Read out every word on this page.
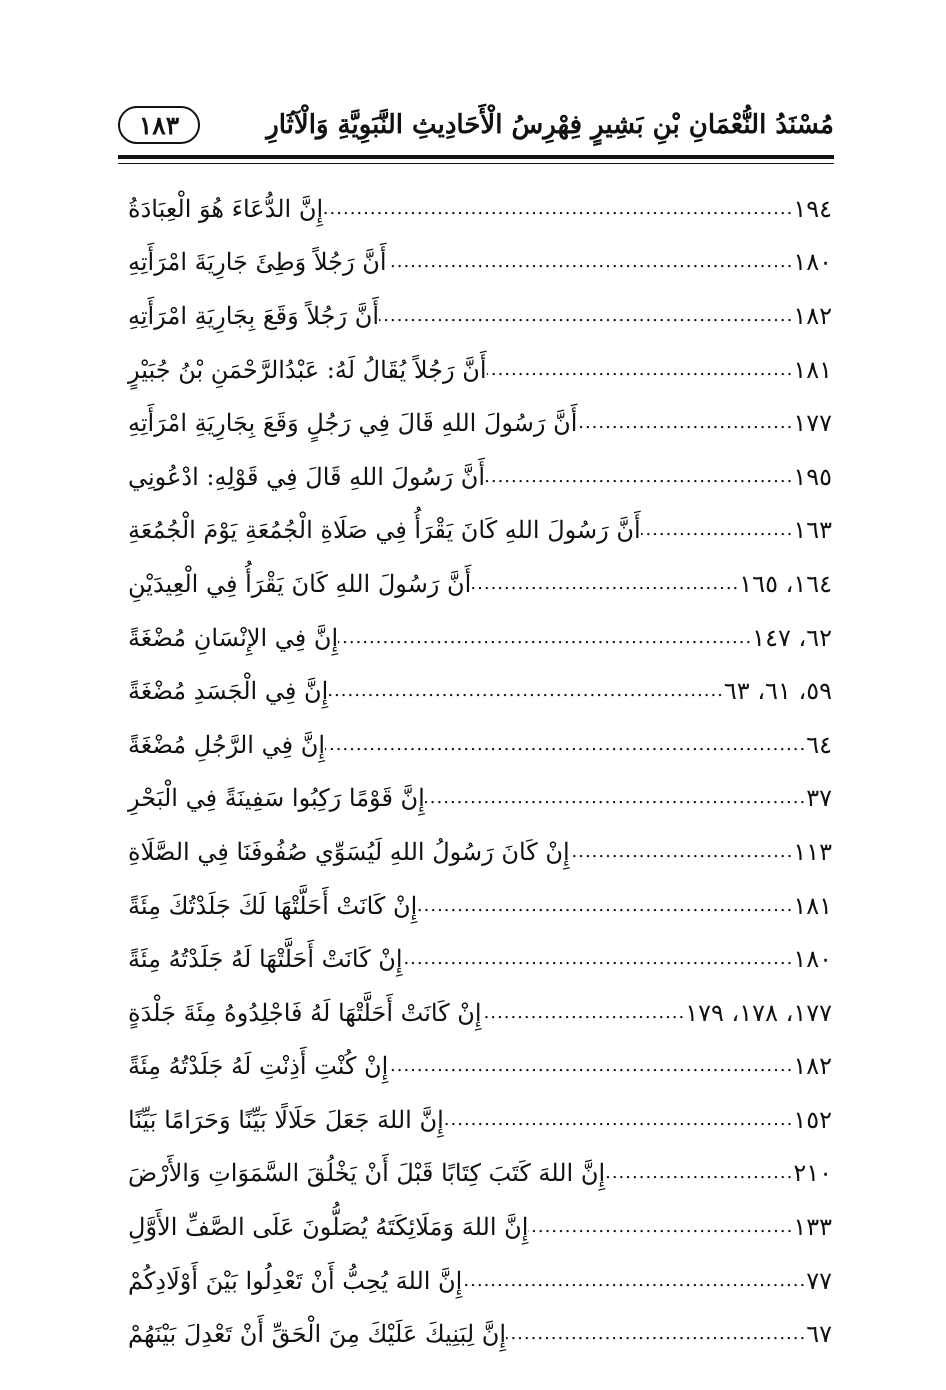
مُسْنَدُ النُّعْمَانِ بْنِ بَشِيرٍ
فِهْرِسُ الْأَحَادِيثِ النَّبَوِيَّةِ وَالْآثَارِ
١٨٣
إِنَّ الدُّعَاءَ هُوَ الْعِبَادَةُ .....	١٩٤
أَنَّ رَجُلاً وَطِئَ جَارِيَةَ امْرَأَتِهِ .....	١٨٠
أَنَّ رَجُلاً وَقَعَ بِجَارِيَةِ امْرَأَتِهِ .....	١٨٢
أَنَّ رَجُلاً يُقَالُ لَهُ: عَبْدُالرَّحْمَنِ بْنُ جُبَيْرٍ .....	١٨١
أَنَّ رَسُولَ اللهِ قَالَ فِي رَجُلٍ وَقَعَ بِجَارِيَةِ امْرَأَتِهِ .....	١٧٧
أَنَّ رَسُولَ اللهِ قَالَ فِي قَوْلِهِ: ادْعُونِي .....	١٩٥
أَنَّ رَسُولَ اللهِ كَانَ يَقْرَأُ فِي صَلَاةِ الْجُمُعَةِ يَوْمَ الْجُمُعَةِ .....	١٦٣
أَنَّ رَسُولَ اللهِ كَانَ يَقْرَأُ فِي الْعِيدَيْنِ .....	١٦٤، ١٦٥
إِنَّ فِي الإِنْسَانِ مُضْغَةً .....	٦٢، ١٤٧
إِنَّ فِي الْجَسَدِ مُضْغَةً .....	٥٩، ٦١، ٦٣
إِنَّ فِي الرَّجُلِ مُضْغَةً .....	٦٤
إِنَّ قَوْمًا رَكِبُوا سَفِينَةً فِي الْبَحْرِ .....	٣٧
إِنْ كَانَ رَسُولُ اللهِ لَيُسَوِّي صُفُوفَنَا فِي الصَّلَاةِ .....	١١٣
إِنْ كَانَتْ أَحَلَّتْهَا لَكَ جَلَدْتُكَ مِئَةً .....	١٨١
إِنْ كَانَتْ أَحَلَّتْهَا لَهُ جَلَدْتُهُ مِئَةً .....	١٨٠
إِنْ كَانَتْ أَحَلَّتْهَا لَهُ فَاجْلِدُوهُ مِئَةَ جَلْدَةٍ .....	١٧٧، ١٧٨، ١٧٩
إِنْ كُنْتِ أَذِنْتِ لَهُ جَلَدْتُهُ مِئَةً .....	١٨٢
إِنَّ اللهَ جَعَلَ حَلَالًا بَيِّنًا وَحَرَامًا بَيِّنًا .....	١٥٢
إِنَّ اللهَ كَتَبَ كِتَابًا قَبْلَ أَنْ يَخْلُقَ السَّمَوَاتِ وَالأَرْضَ .....	٢١٠
إِنَّ اللهَ وَمَلَائِكَتَهُ يُصَلُّونَ عَلَى الصَّفِّ الأَوَّلِ .....	١٣٣
إِنَّ اللهَ يُحِبُّ أَنْ تَعْدِلُوا بَيْنَ أَوْلَادِكُمْ .....	٧٧
إِنَّ لِبَنِيكَ عَلَيْكَ مِنَ الْحَقِّ أَنْ تَعْدِلَ بَيْنَهُمْ .....	٦٧
